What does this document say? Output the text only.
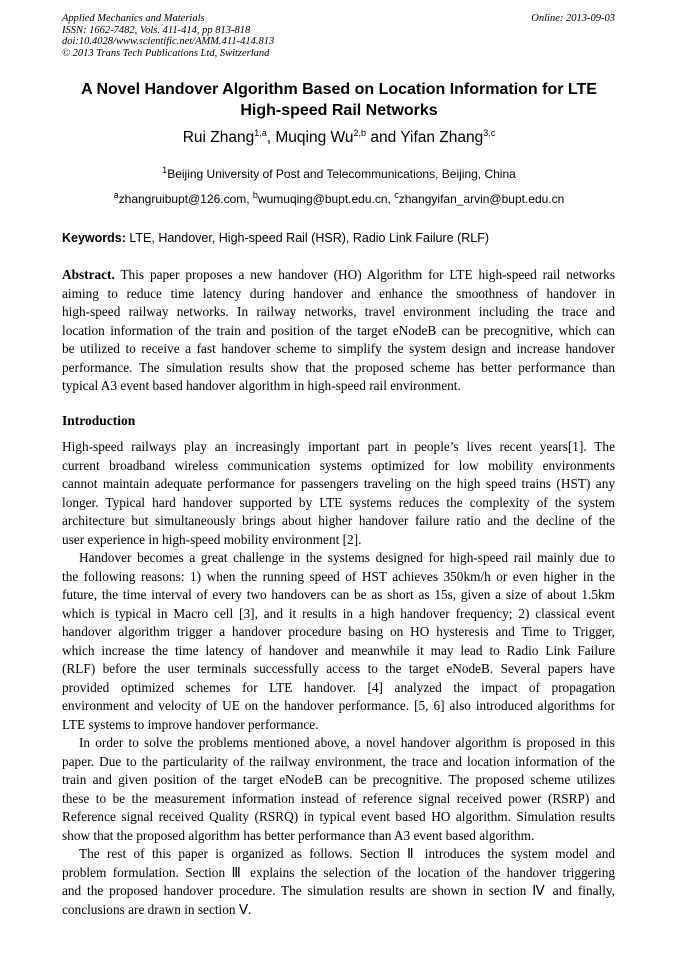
Applied Mechanics and Materials
ISSN: 1662-7482, Vols. 411-414, pp 813-818
doi:10.4028/www.scientific.net/AMM.411-414.813
© 2013 Trans Tech Publications Ltd, Switzerland
Online: 2013-09-03
A Novel Handover Algorithm Based on Location Information for LTE
High-speed Rail Networks
Rui Zhang$^{1,a}$, Muqing Wu$^{2,b}$ and Yifan Zhang$^{3,c}$
$^1$Beijing University of Post and Telecommunications, Beijing, China
$^a$zhangruibupt@126.com, $^b$wumuqing@bupt.edu.cn, $^c$zhangyifan_arvin@bupt.edu.cn
Keywords: LTE, Handover, High-speed Rail (HSR), Radio Link Failure (RLF)
Abstract. This paper proposes a new handover (HO) Algorithm for LTE high-speed rail networks
aiming to reduce time latency during handover and enhance the smoothness of handover in
high-speed railway networks. In railway networks, travel environment including the trace and
location information of the train and position of the target eNodeB can be precognitive, which can
be utilized to receive a fast handover scheme to simplify the system design and increase handover
performance. The simulation results show that the proposed scheme has better performance than
typical A3 event based handover algorithm in high-speed rail environment.
Introduction
High-speed railways play an increasingly important part in people’s lives recent years[1]. The
current broadband wireless communication systems optimized for low mobility environments
cannot maintain adequate performance for passengers traveling on the high speed trains (HST) any
longer. Typical hard handover supported by LTE systems reduces the complexity of the system
architecture but simultaneously brings about higher handover failure ratio and the decline of the
user experience in high-speed mobility environment [2].
Handover becomes a great challenge in the systems designed for high-speed rail mainly due to
the following reasons: 1) when the running speed of HST achieves 350km/h or even higher in the
future, the time interval of every two handovers can be as short as 15s, given a size of about 1.5km
which is typical in Macro cell [3], and it results in a high handover frequency; 2) classical event
handover algorithm trigger a handover procedure basing on HO hysteresis and Time to Trigger,
which increase the time latency of handover and meanwhile it may lead to Radio Link Failure
(RLF) before the user terminals successfully access to the target eNodeB. Several papers have
provided optimized schemes for LTE handover. [4] analyzed the impact of propagation
environment and velocity of UE on the handover performance. [5, 6] also introduced algorithms for
LTE systems to improve handover performance.
In order to solve the problems mentioned above, a novel handover algorithm is proposed in this
paper. Due to the particularity of the railway environment, the trace and location information of the
train and given position of the target eNodeB can be precognitive. The proposed scheme utilizes
these to be the measurement information instead of reference signal received power (RSRP) and
Reference signal received Quality (RSRQ) in typical event based HO algorithm. Simulation results
show that the proposed algorithm has better performance than A3 event based algorithm.
The rest of this paper is organized as follows. Section Ⅱ introduces the system model and
problem formulation. Section Ⅲ explains the selection of the location of the handover triggering
and the proposed handover procedure. The simulation results are shown in section Ⅳ and finally,
conclusions are drawn in section Ⅴ.
